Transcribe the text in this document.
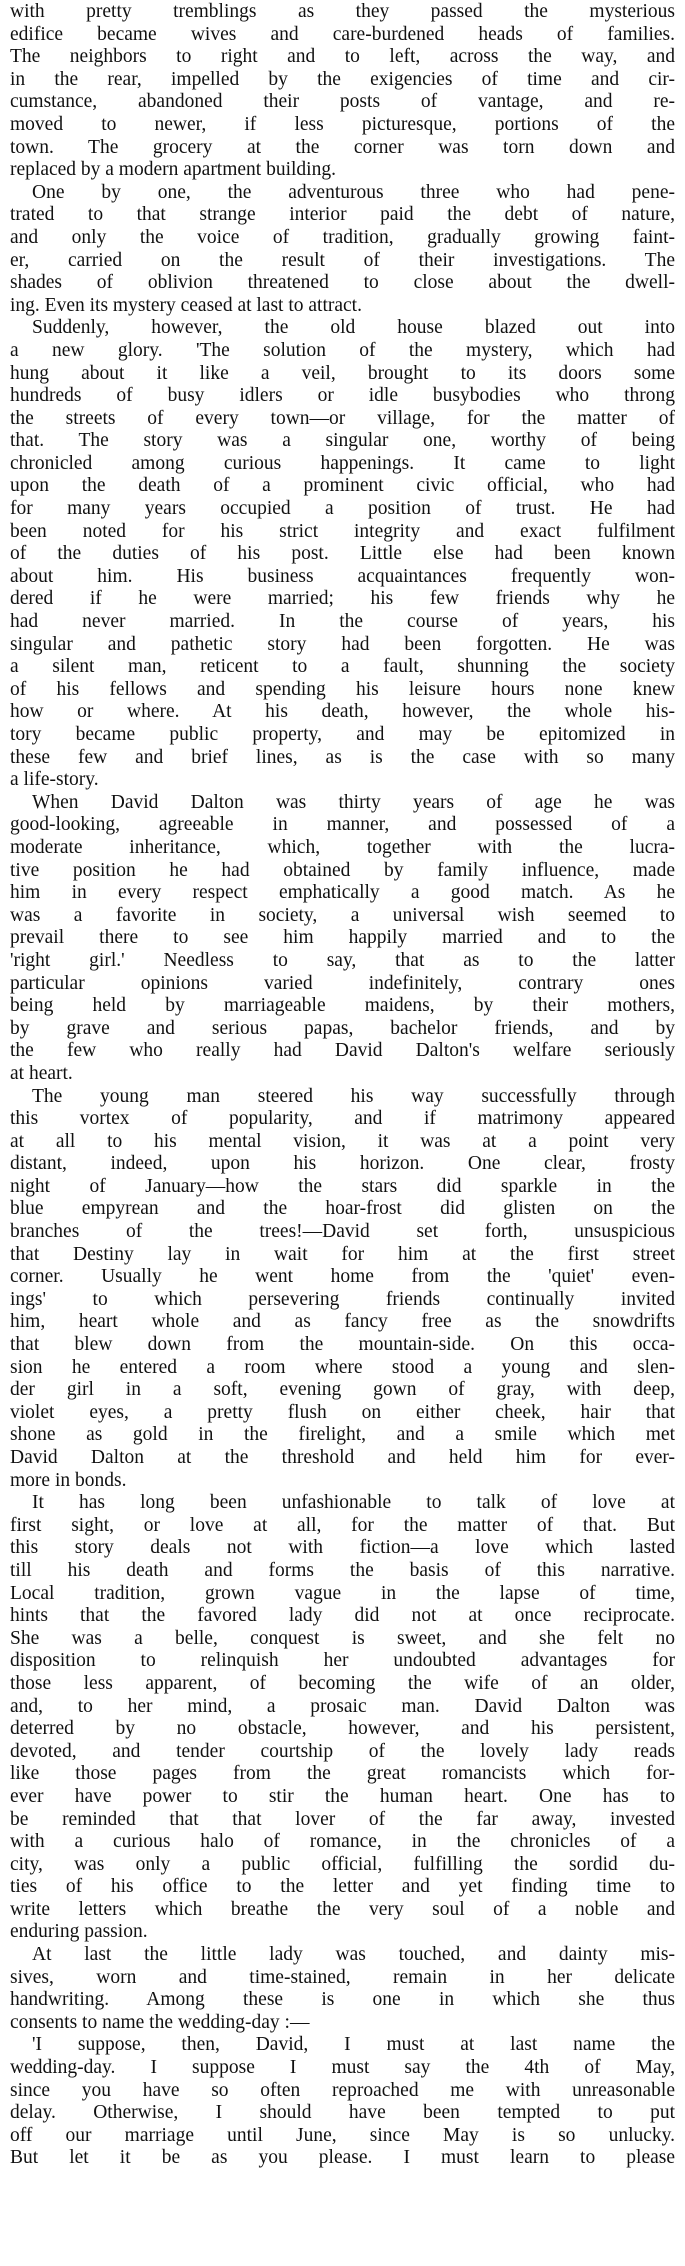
with pretty tremblings as they passed the mysterious
edifice became wives and care-burdened heads of families.
The neighbors to right and to left, across the way, and
in the rear, impelled by the exigencies of time and cir-
cumstance, abandoned their posts of vantage, and re-
moved to newer, if less picturesque, portions of the
town. The grocery at the corner was torn down and
replaced by a modern apartment building.
One by one, the adventurous three who had pene-
trated to that strange interior paid the debt of nature,
and only the voice of tradition, gradually growing faint-
er, carried on the result of their investigations. The
shades of oblivion threatened to close about the dwell-
ing. Even its mystery ceased at last to attract.
Suddenly, however, the old house blazed out into
a new glory. 'The solution of the mystery, which had
hung about it like a veil, brought to its doors some
hundreds of busy idlers or idle busybodies who throng
the streets of every town—or village, for the matter of
that. The story was a singular one, worthy of being
chronicled among curious happenings. It came to light
upon the death of a prominent civic official, who had
for many years occupied a position of trust. He had
been noted for his strict integrity and exact fulfilment
of the duties of his post. Little else had been known
about him. His business acquaintances frequently won-
dered if he were married; his few friends why he
had never married. In the course of years, his
singular and pathetic story had been forgotten. He was
a silent man, reticent to a fault, shunning the society
of his fellows and spending his leisure hours none knew
how or where. At his death, however, the whole his-
tory became public property, and may be epitomized in
these few and brief lines, as is the case with so many
a life-story.
When David Dalton was thirty years of age he was
good-looking, agreeable in manner, and possessed of a
moderate inheritance, which, together with the lucra-
tive position he had obtained by family influence, made
him in every respect emphatically a good match. As he
was a favorite in society, a universal wish seemed to
prevail there to see him happily married and to the
'right girl.' Needless to say, that as to the latter
particular opinions varied indefinitely, contrary ones
being held by marriageable maidens, by their mothers,
by grave and serious papas, bachelor friends, and by
the few who really had David Dalton's welfare seriously
at heart.
The young man steered his way successfully through
this vortex of popularity, and if matrimony appeared
at all to his mental vision, it was at a point very
distant, indeed, upon his horizon. One clear, frosty
night of January—how the stars did sparkle in the
blue empyrean and the hoar-frost did glisten on the
branches of the trees!—David set forth, unsuspicious
that Destiny lay in wait for him at the first street
corner. Usually he went home from the 'quiet' even-
ings' to which persevering friends continually invited
him, heart whole and as fancy free as the snowdrifts
that blew down from the mountain-side. On this occa-
sion he entered a room where stood a young and slen-
der girl in a soft, evening gown of gray, with deep,
violet eyes, a pretty flush on either cheek, hair that
shone as gold in the firelight, and a smile which met
David Dalton at the threshold and held him for ever-
more in bonds.
It has long been unfashionable to talk of love at
first sight, or love at all, for the matter of that. But
this story deals not with fiction—a love which lasted
till his death and forms the basis of this narrative.
Local tradition, grown vague in the lapse of time,
hints that the favored lady did not at once reciprocate.
She was a belle, conquest is sweet, and she felt no
disposition to relinquish her undoubted advantages for
those less apparent, of becoming the wife of an older,
and, to her mind, a prosaic man. David Dalton was
deterred by no obstacle, however, and his persistent,
devoted, and tender courtship of the lovely lady reads
like those pages from the great romancists which for-
ever have power to stir the human heart. One has to
be reminded that that lover of the far away, invested
with a curious halo of romance, in the chronicles of a
city, was only a public official, fulfilling the sordid du-
ties of his office to the letter and yet finding time to
write letters which breathe the very soul of a noble and
enduring passion.
At last the little lady was touched, and dainty mis-
sives, worn and time-stained, remain in her delicate
handwriting. Among these is one in which she thus
consents to name the wedding-day :—
'I suppose, then, David, I must at last name the
wedding-day. I suppose I must say the 4th of May,
since you have so often reproached me with unreasonable
delay. Otherwise, I should have been tempted to put
off our marriage until June, since May is so unlucky.
But let it be as you please. I must learn to please
